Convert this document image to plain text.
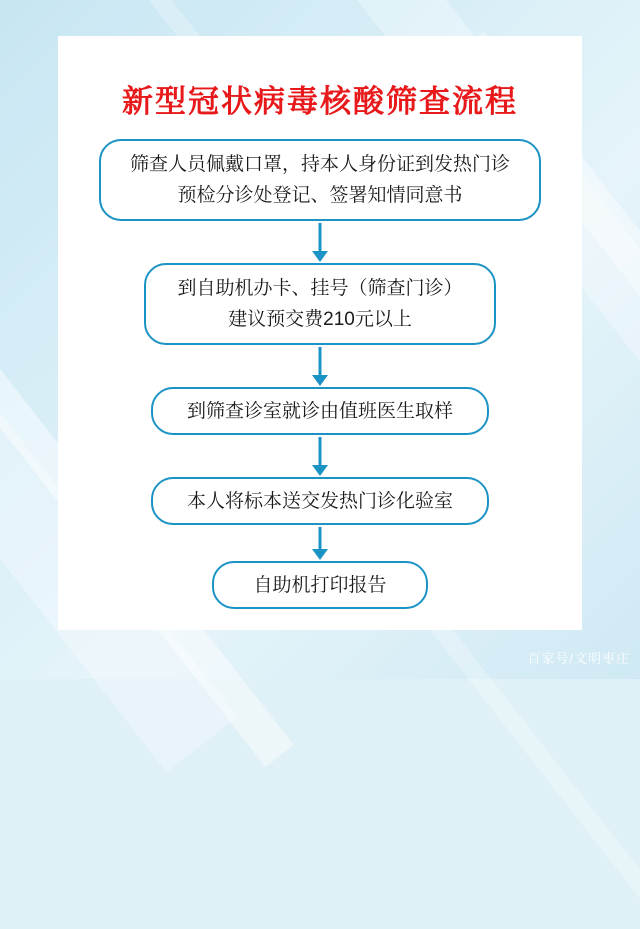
新型冠状病毒核酸筛查流程
筛查人员佩戴口罩，持本人身份证到发热门诊
预检分诊处登记、签署知情同意书
到自助机办卡、挂号（筛查门诊）
建议预交费210元以上
到筛查诊室就诊由值班医生取样
本人将标本送交发热门诊化验室
自助机打印报告
百家号/文明枣庄
